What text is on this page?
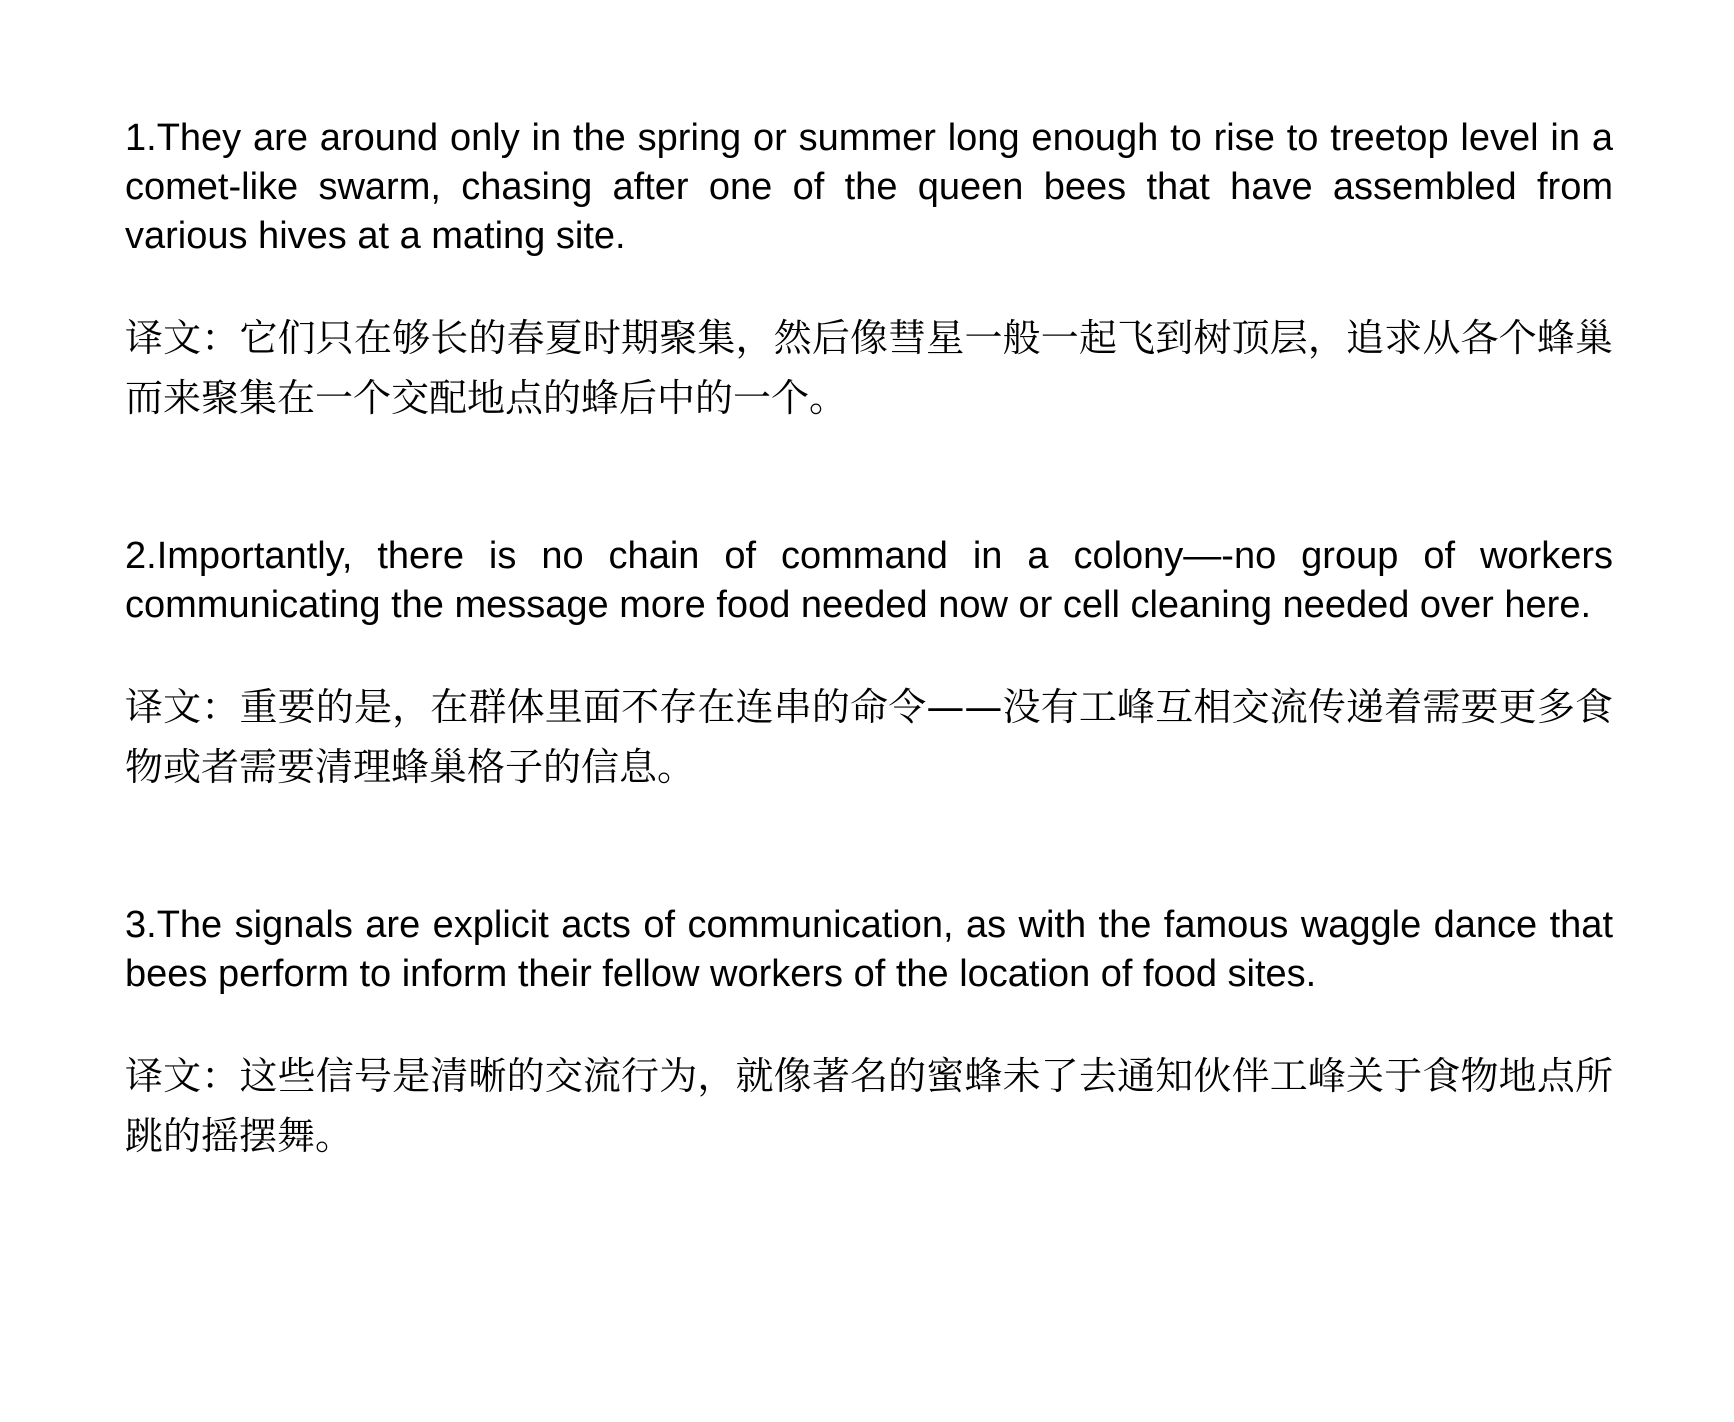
1.They are around only in the spring or summer long enough to rise to treetop level in a comet-like swarm, chasing after one of the queen bees that have assembled from various hives at a mating site.

译文：它们只在够长的春夏时期聚集，然后像彗星一般一起飞到树顶层，追求从各个蜂巢而来聚集在一个交配地点的蜂后中的一个。

2.Importantly, there is no chain of command in a colony—-no group of workers communicating the message more food needed now or cell cleaning needed over here.

译文：重要的是，在群体里面不存在连串的命令——没有工峰互相交流传递着需要更多食物或者需要清理蜂巢格子的信息。

3.The signals are explicit acts of communication, as with the famous waggle dance that bees perform to inform their fellow workers of the location of food sites.

译文：这些信号是清晰的交流行为，就像著名的蜜蜂未了去通知伙伴工峰关于食物地点所跳的摇摆舞。
